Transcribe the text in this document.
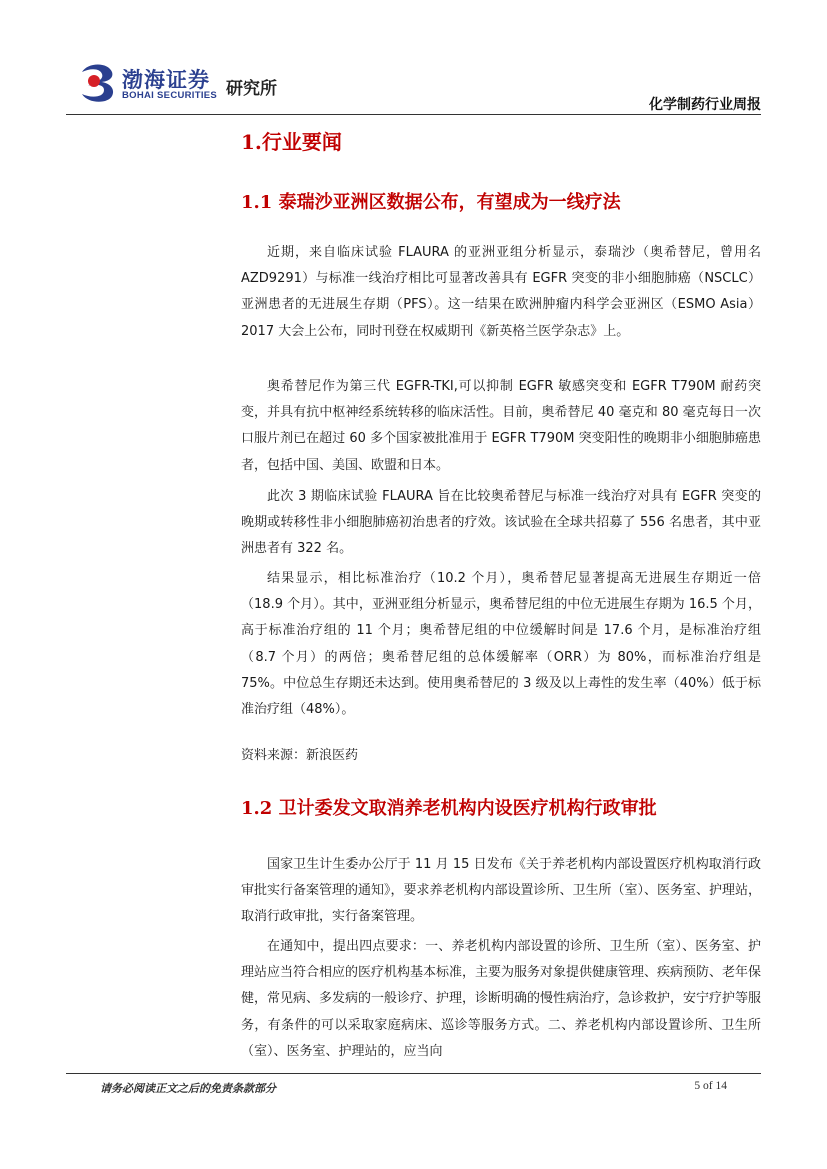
渤海证券
BOHAI SECURITIES 研究所
化学制药行业周报
1.行业要闻
1.1 泰瑞沙亚洲区数据公布，有望成为一线疗法

近期，来自临床试验 FLAURA 的亚洲亚组分析显示，泰瑞沙（奥希替尼，曾用名 AZD9291）与标准一线治疗相比可显著改善具有 EGFR 突变的非小细胞肺癌（NSCLC）亚洲患者的无进展生存期（PFS）。这一结果在欧洲肿瘤内科学会亚洲区（ESMO Asia）2017 大会上公布，同时刊登在权威期刊《新英格兰医学杂志》上。

奥希替尼作为第三代 EGFR-TKI,可以抑制 EGFR 敏感突变和 EGFR T790M 耐药突变，并具有抗中枢神经系统转移的临床活性。目前，奥希替尼 40 毫克和 80 毫克每日一次口服片剂已在超过 60 多个国家被批准用于 EGFR T790M 突变阳性的晚期非小细胞肺癌患者，包括中国、美国、欧盟和日本。

此次 3 期临床试验 FLAURA 旨在比较奥希替尼与标准一线治疗对具有 EGFR 突变的晚期或转移性非小细胞肺癌初治患者的疗效。该试验在全球共招募了 556 名患者，其中亚洲患者有 322 名。

结果显示，相比标准治疗（10.2 个月），奥希替尼显著提高无进展生存期近一倍（18.9 个月）。其中，亚洲亚组分析显示，奥希替尼组的中位无进展生存期为 16.5 个月，高于标准治疗组的 11 个月；奥希替尼组的中位缓解时间是 17.6 个月，是标准治疗组（8.7 个月）的两倍；奥希替尼组的总体缓解率（ORR）为 80%，而标准治疗组是 75%。中位总生存期还未达到。使用奥希替尼的 3 级及以上毒性的发生率（40%）低于标准治疗组（48%）。

资料来源：新浪医药
1.2 卫计委发文取消养老机构内设医疗机构行政审批

国家卫生计生委办公厅于 11 月 15 日发布《关于养老机构内部设置医疗机构取消行政审批实行备案管理的通知》，要求养老机构内部设置诊所、卫生所（室）、医务室、护理站，取消行政审批，实行备案管理。

在通知中，提出四点要求：一、养老机构内部设置的诊所、卫生所（室）、医务室、护理站应当符合相应的医疗机构基本标准，主要为服务对象提供健康管理、疾病预防、老年保健，常见病、多发病的一般诊疗、护理，诊断明确的慢性病治疗，急诊救护，安宁疗护等服务，有条件的可以采取家庭病床、巡诊等服务方式。二、养老机构内部设置诊所、卫生所（室）、医务室、护理站的，应当向

请务必阅读正文之后的免责条款部分	5 of 14
